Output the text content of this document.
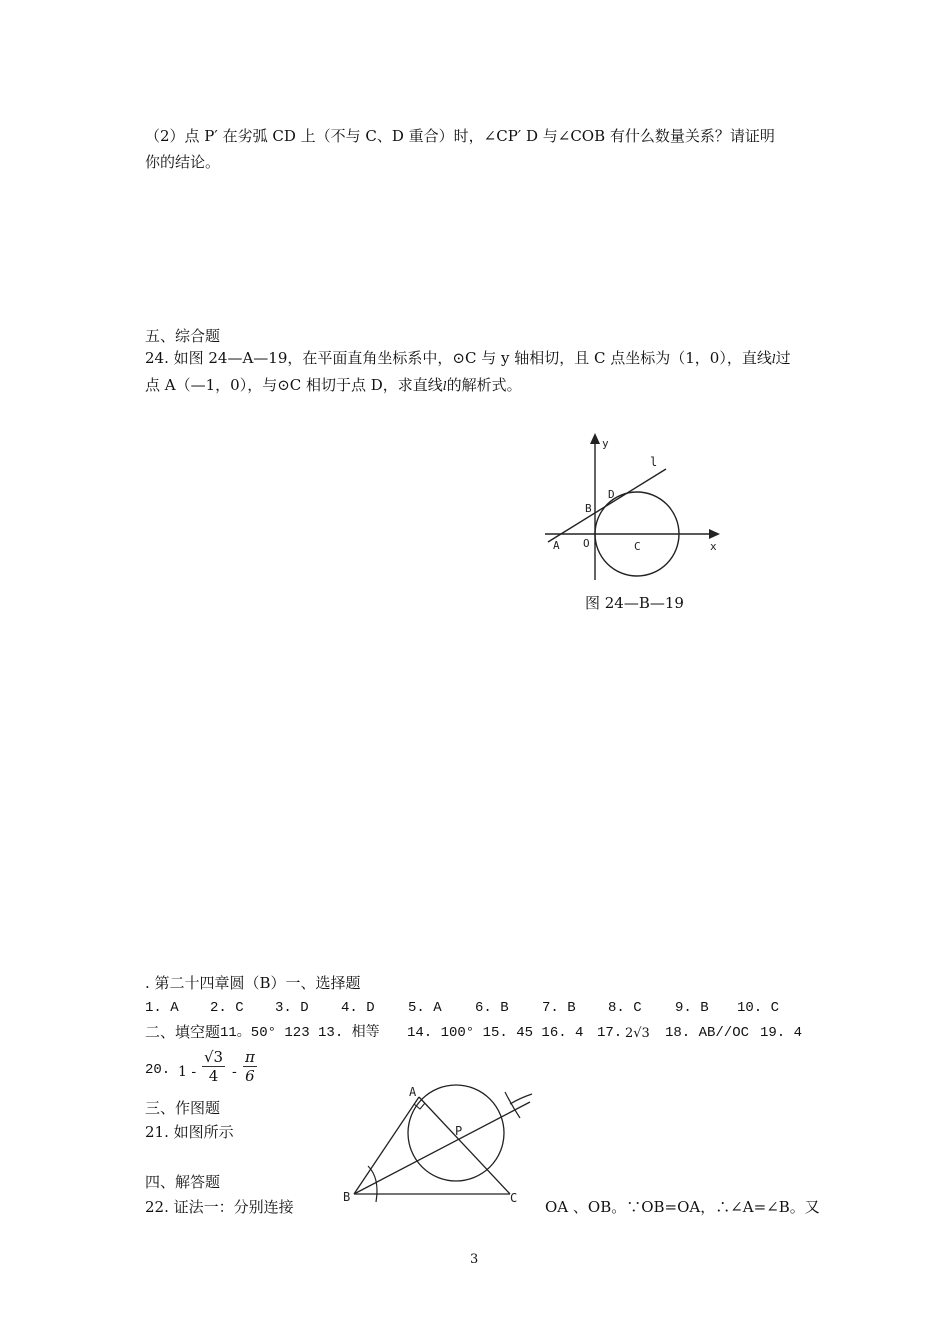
（2）点 P′ 在劣弧 CD 上（不与 C、D 重合）时，∠CP′ D 与∠COB 有什么数量关系？请证明
你的结论。
五、综合题
24. 如图 24—A—19，在平面直角坐标系中，⊙C 与 y 轴相切，且 C 点坐标为（1，0），直线l过
点 A（—1，0），与⊙C 相切于点 D，求直线l的解析式。
y
x
l
A O
B
D
C
图 24—B—19
. 第二十四章圆（B）一、选择题
1. A 2. C 3. D 4. D 5. A 6. B 7. B 8. C 9. B 10. C
二、填空题 11。50° 123 13. 相等 14. 100° 15. 45 16. 4 17. 2√3 18. AB//OC 19. 4
20. $1 - \frac{√3}{4} - \frac{\pi}{6}$
三、作图题
21. 如图所示
四、解答题
22. 证法一：分别连接	OA 、OB。∵OB=OA，∴∠A=∠B。又
A
P
B	C
3
